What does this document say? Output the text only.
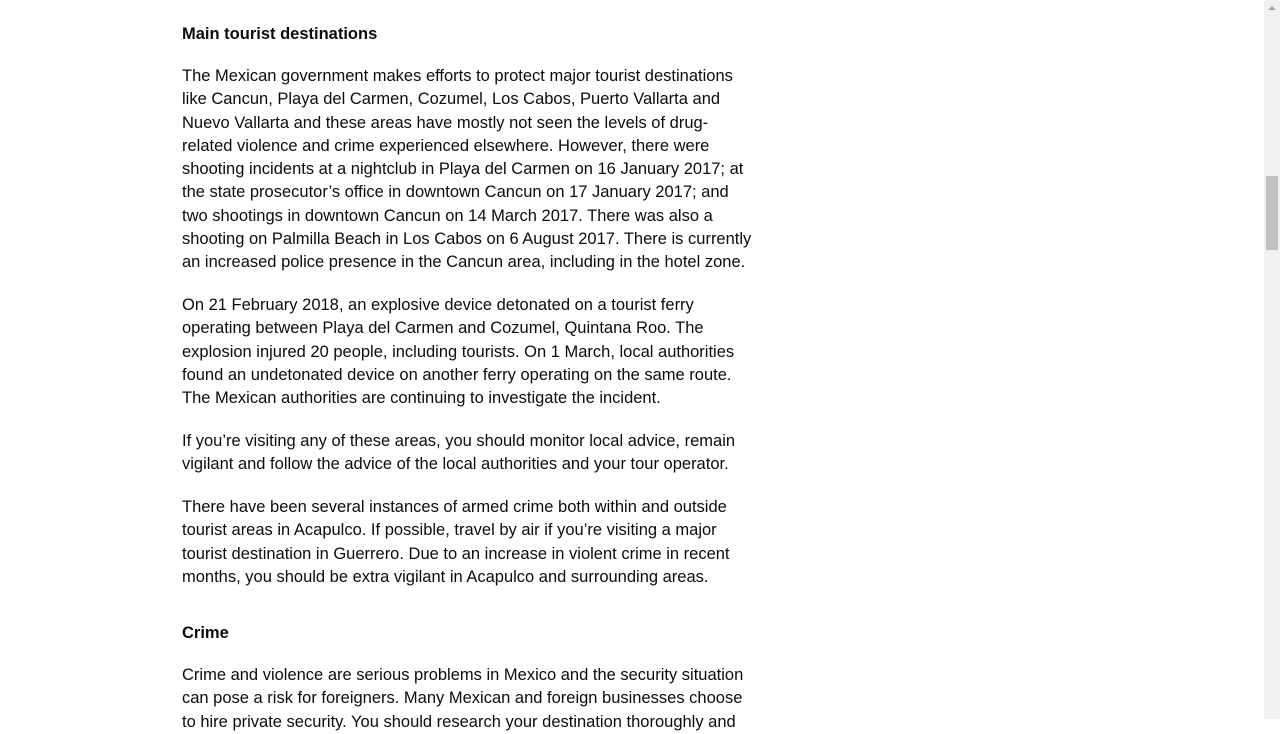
Main tourist destinations
The Mexican government makes efforts to protect major tourist destinations
like Cancun, Playa del Carmen, Cozumel, Los Cabos, Puerto Vallarta and
Nuevo Vallarta and these areas have mostly not seen the levels of drug-
related violence and crime experienced elsewhere. However, there were
shooting incidents at a nightclub in Playa del Carmen on 16 January 2017; at
the state prosecutor’s office in downtown Cancun on 17 January 2017; and
two shootings in downtown Cancun on 14 March 2017. There was also a
shooting on Palmilla Beach in Los Cabos on 6 August 2017. There is currently
an increased police presence in the Cancun area, including in the hotel zone.
On 21 February 2018, an explosive device detonated on a tourist ferry
operating between Playa del Carmen and Cozumel, Quintana Roo. The
explosion injured 20 people, including tourists. On 1 March, local authorities
found an undetonated device on another ferry operating on the same route.
The Mexican authorities are continuing to investigate the incident.
If you’re visiting any of these areas, you should monitor local advice, remain
vigilant and follow the advice of the local authorities and your tour operator.
There have been several instances of armed crime both within and outside
tourist areas in Acapulco. If possible, travel by air if you’re visiting a major
tourist destination in Guerrero. Due to an increase in violent crime in recent
months, you should be extra vigilant in Acapulco and surrounding areas.
Crime
Crime and violence are serious problems in Mexico and the security situation
can pose a risk for foreigners. Many Mexican and foreign businesses choose
to hire private security. You should research your destination thoroughly and
